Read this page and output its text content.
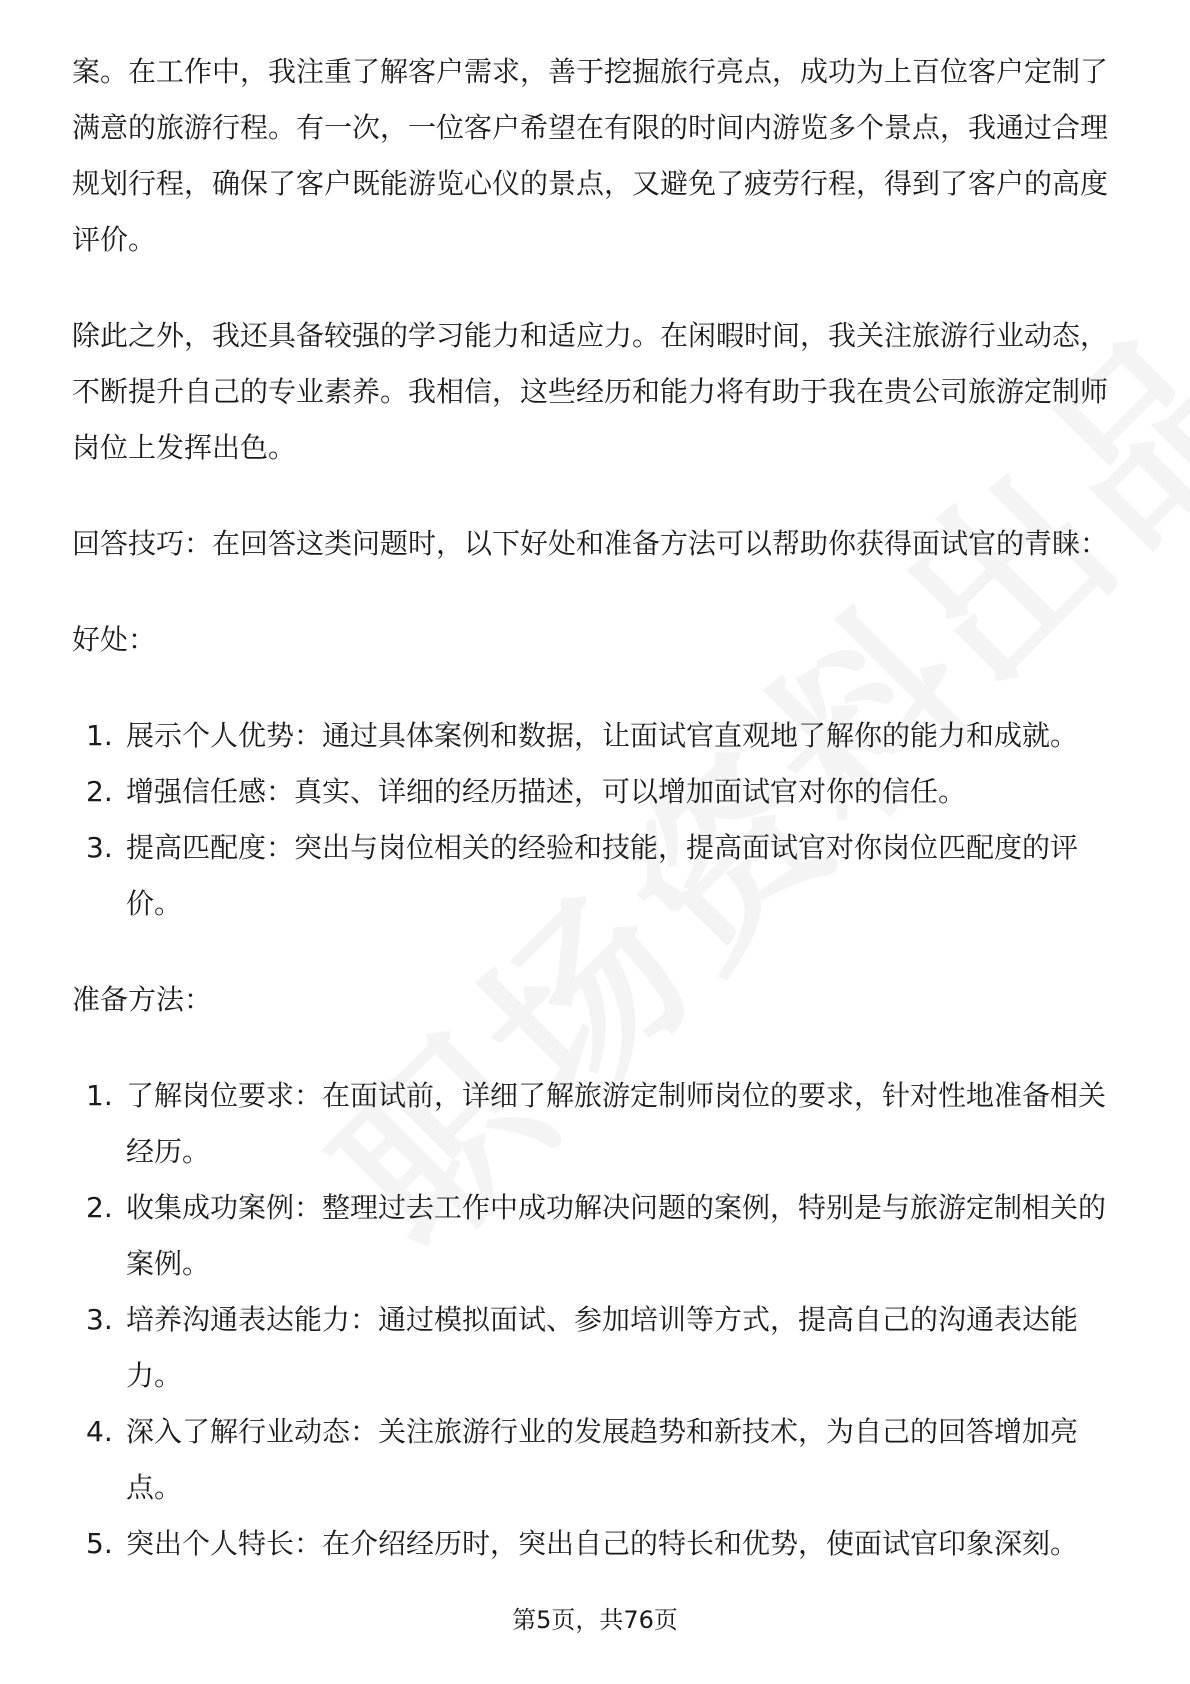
案。在工作中，我注重了解客户需求，善于挖掘旅行亮点，成功为上百位客户定制了满意的旅游行程。有一次，一位客户希望在有限的时间内游览多个景点，我通过合理规划行程，确保了客户既能游览心仪的景点，又避免了疲劳行程，得到了客户的高度评价。

除此之外，我还具备较强的学习能力和适应力。在闲暇时间，我关注旅游行业动态，不断提升自己的专业素养。我相信，这些经历和能力将有助于我在贵公司旅游定制师岗位上发挥出色。

回答技巧：在回答这类问题时，以下好处和准备方法可以帮助你获得面试官的青睐：

好处：

1. 展示个人优势：通过具体案例和数据，让面试官直观地了解你的能力和成就。
2. 增强信任感：真实、详细的经历描述，可以增加面试官对你的信任。
3. 提高匹配度：突出与岗位相关的经验和技能，提高面试官对你岗位匹配度的评价。

准备方法：

1. 了解岗位要求：在面试前，详细了解旅游定制师岗位的要求，针对性地准备相关经历。
2. 收集成功案例：整理过去工作中成功解决问题的案例，特别是与旅游定制相关的案例。
3. 培养沟通表达能力：通过模拟面试、参加培训等方式，提高自己的沟通表达能力。
4. 深入了解行业动态：关注旅游行业的发展趋势和新技术，为自己的回答增加亮点。
5. 突出个人特长：在介绍经历时，突出自己的特长和优势，使面试官印象深刻。
第5页，共76页
